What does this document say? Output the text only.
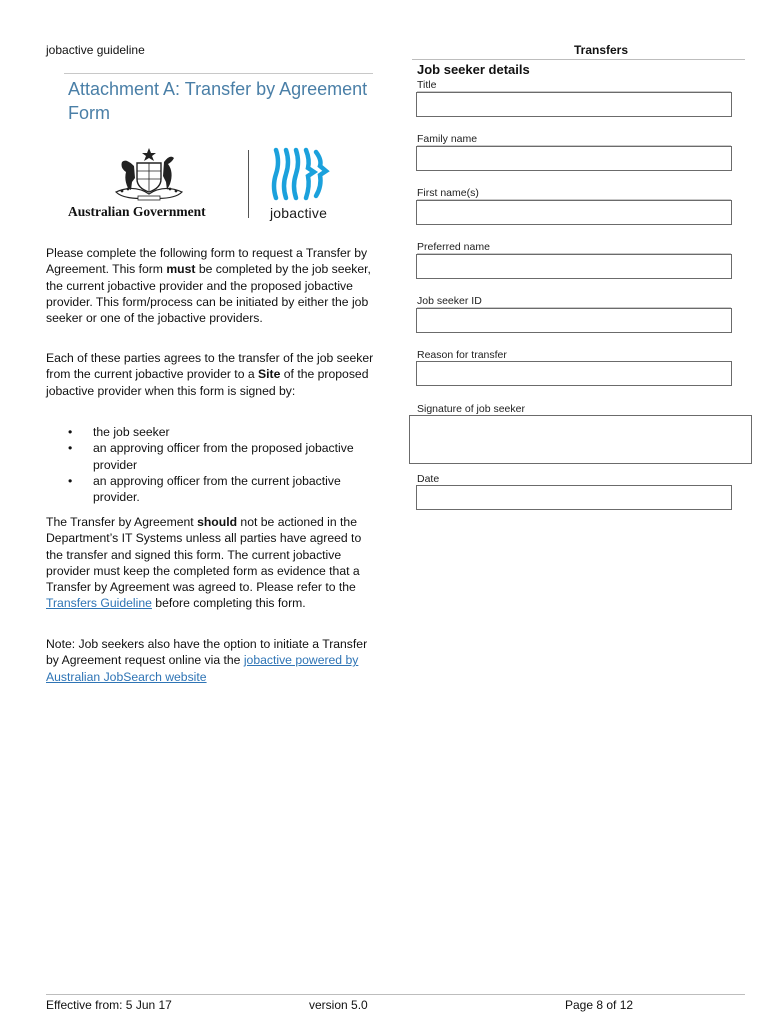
jobactive guideline	Transfers
Attachment A: Transfer by Agreement Form
Australian Government	jobactive

Please complete the following form to request a Transfer by Agreement. This form must be completed by the job seeker, the current jobactive provider and the proposed jobactive provider. This form/process can be initiated by either the job seeker or one of the jobactive providers.

Each of these parties agrees to the transfer of the job seeker from the current jobactive provider to a Site of the proposed jobactive provider when this form is signed by:

• the job seeker
• an approving officer from the proposed jobactive provider
• an approving officer from the current jobactive provider.

The Transfer by Agreement should not be actioned in the Department’s IT Systems unless all parties have agreed to the transfer and signed this form. The current jobactive provider must keep the completed form as evidence that a Transfer by Agreement was agreed to. Please refer to the Transfers Guideline before completing this form.

Note: Job seekers also have the option to initiate a Transfer by Agreement request online via the jobactive powered by Australian JobSearch website

Job seeker details
Title
Family name
First name(s)
Preferred name
Job seeker ID
Reason for transfer
Signature of job seeker
Date
Effective from: 5 Jun 17	version 5.0	Page 8 of 12
